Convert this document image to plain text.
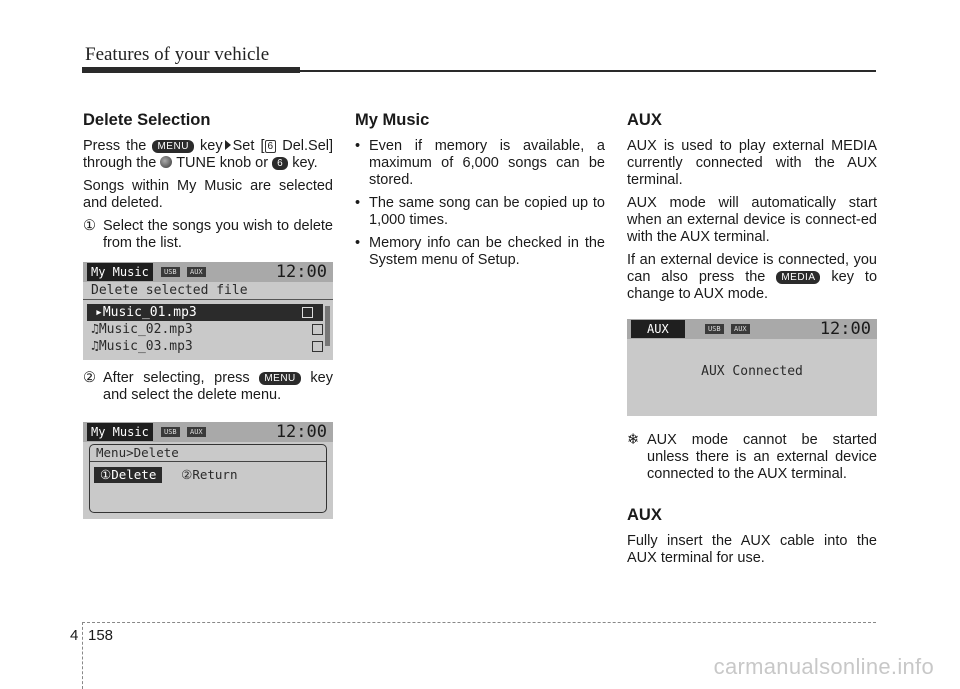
Features of your vehicle
Delete Selection

Press the MENU key Set [ 6 Del.Sel] through the TUNE knob or 6 key.

Songs within My Music are selected and deleted.

① Select the songs you wish to delete from the list.
My Music	USB	AUX	12:00
Delete selected file
▸Music_01.mp3
♫Music_02.mp3
♫Music_03.mp3
② After selecting, press MENU key and select the delete menu.
My Music	USB	AUX	12:00
Menu>Delete
①Delete ②Return
My Music
• Even if memory is available, a maximum of 6,000 songs can be stored.
• The same song can be copied up to 1,000 times.
• Memory info can be checked in the System menu of Setup.
AUX

AUX is used to play external MEDIA currently connected with the AUX terminal.

AUX mode will automatically start when an external device is connect-ed with the AUX terminal.

If an external device is connected, you can also press the MEDIA key to change to AUX mode.

AUX	USB	AUX	12:00
AUX Connected
❄ AUX mode cannot be started unless there is an external device connected to the AUX terminal.
AUX

Fully insert the AUX cable into the AUX terminal for use.

4 158
carmanualsonline.info
